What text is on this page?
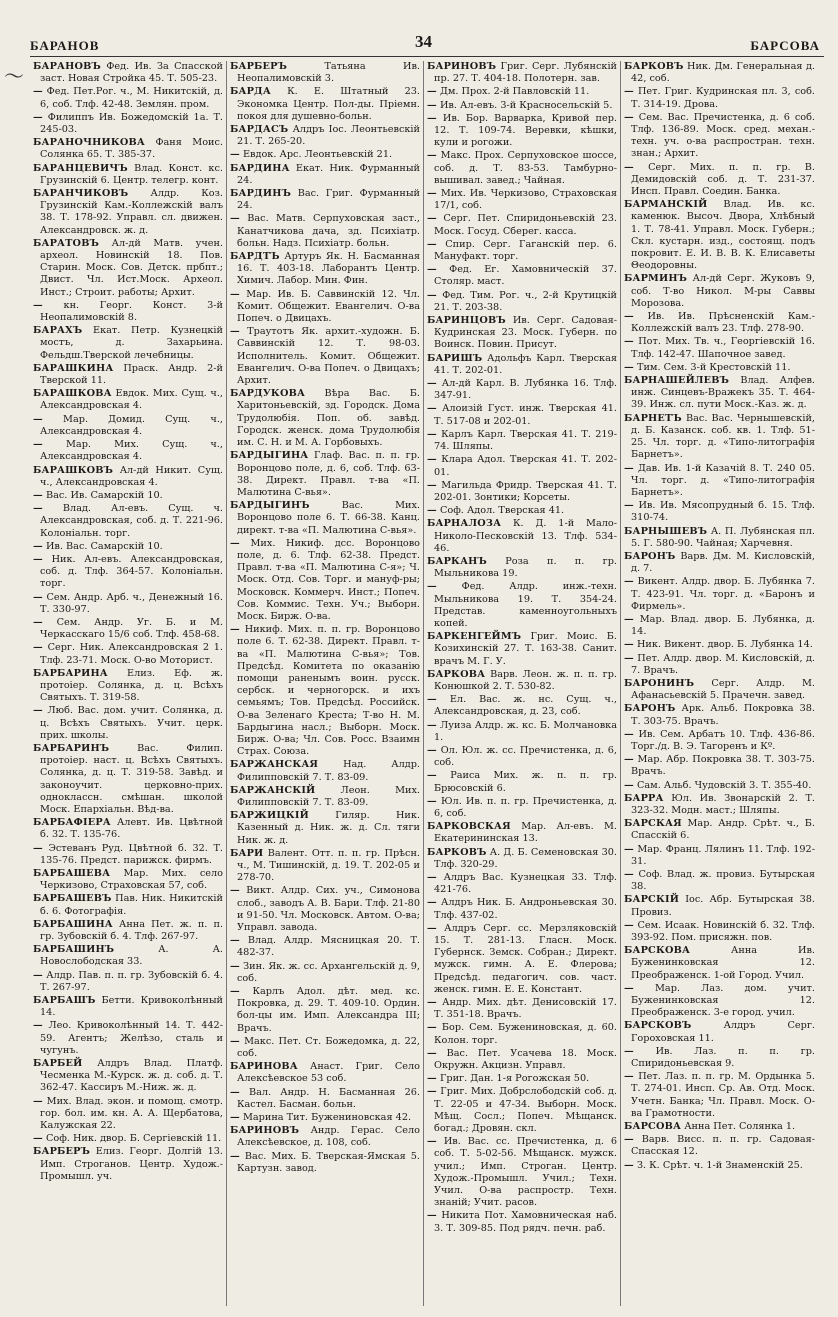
БАРАНОВ	34	БАРСОВА
〜 БАРАНОВЪ Фед. Ив. За Спасской заст. Новая Стройка 45. Т. 505-23.
— Фед. Пет.Рог. ч., М. Никитскій, д. 6, соб. Тлф. 42-48. Землян. пром.
— Филиппъ Ив. Божедомскій 1а. Т. 245-03.
БАРАНОЧНИКОВА Фаня Моис. Солянка 65. Т. 385-37.
БАРАНЦЕВИЧЪ Влад. Конст. кс. Грузинскій 6. Центр. телегр. конт.
БАРАНЧИКОВЪ Алдр. Коз. Грузинскій Кам.-Коллежскій валъ 38. Т. 178-92. Управл. сл. движен. Александровск. ж. д.
БАРАТОВЪ Ал-дй Матв. учен. археол. Новинскій 18. Пов. Старин. Моск. Сов. Детск. прбпт.; Двист. Чл. Ист.Моск. Археол. Инст.; Строит. работы; Архит.
— кн. Георг. Конст. 3-й Неопалимовскій 8.
БАРАХЪ Екат. Петр. Кузнецкій мостъ, д. Захарьина. Фельдш.Тверской лечебницы.
БАРАШКИНА Праск. Андр. 2-й Тверской 11.
БАРАШКОВА Евдок. Мих. Сущ. ч., Александровская 4.
— Мар. Домид. Сущ. ч., Александровская 4.
— Мар. Мих. Сущ. ч., Александровская 4.
БАРАШКОВЪ Ал-дй Никит. Сущ. ч., Александровская 4.
— Вас. Ив. Самарскій 10.
— Влад. Ал-евъ. Сущ. ч. Александровская, соб. д. Т. 221-96. Колоніальн. торг.
— Ив. Вас. Самарскій 10.
— Ник. Ал-евъ. Александровская, соб. д. Тлф. 364-57. Колоніальн. торг.
— Сем. Андр. Арб. ч., Денежный 16. Т. 330-97.
— Сем. Андр. Уг. Б. и М. Черкасскаго 15/6 соб. Тлф. 458-68.
— Серг. Ник. Александровская 2 1. Тлф. 23-71. Моск. О-во Моторист.
БАРБАРИНА Елиз. Еф. ж. протоіер. Солянка, д. ц. Всѣхъ Святыхъ. Т. 319-58.
— Люб. Вас. дом. учит. Солянка, д. ц. Всѣхъ Святыхъ. Учит. церк. прих. школы.
БАРБАРИНЪ	Вас. Филип. протоіер. наст. ц. Всѣхъ Святыхъ. Солянка, д. ц. Т. 319-58. Завѣд. и законоучит. церковно-прих. одноклассн. смѣшан. школой Моск. Епархіальн. Вѣд-ва.
БАРБАФІЕРА Алевт. Ив. Цвѣтной б. 32. Т. 135-76.
— Эстеванъ Руд. Цвѣтной б. 32. Т. 135-76. Предст. парижск. фирмъ.
БАРБАШЕВА Мар. Мих. село Черкизово, Страховская 57, соб.
БАРБАШЕВЪ Пав. Ник. Никитскій б. 6. Фотографія.
БАРБАШИНА Анна Пет. ж. п. п. гр. Зубовскій б. 4. Тлф. 267-97.
БАРБАШИНЪ	А. А. Новослободская 33.
— Алдр. Пав. п. п. гр. Зубовскій б. 4. Т. 267-97.
БАРБАШЪ Бетти. Кривоколѣнный 14.
— Лео. Кривоколѣнный 14. Т. 442-59. Агентъ; Желѣзо, сталь и чугунъ.
БАРБЕЙ Алдръ Влад. Платф. Чесменка М.-Курск. ж. д. соб. д. Т. 362-47. Кассиръ М.-Ниж. ж. д.
— Мих. Влад. экон. и помощ. смотр. гор. бол. им. кн. А. А. Щербатова, Калужская 22.
— Соф. Ник. двор. Б. Сергіевскій 11.
БАРБЕРЪ Елиз. Георг. Долгій 13. Имп. Строганов. Центр. Худож.-Промышл. уч.
БАРБЕРЪ	Татьяна Ив. Неопалимовскій 3.
БАРДА К. Е. Штатный 23. Экономка Центр. Пол-ды. Пріемн. покоя для душевно-больн.
БАРДАСЪ Алдръ Іос. Леонтьевскій 21. Т. 265-20.
— Евдок. Арс. Леонтьевскій 21.
БАРДИНА Екат. Ник. Фурманный 24.
БАРДИНЪ Вас. Григ. Фурманный 24.
— Вас. Матв. Серпуховская заст., Канатчикова дача, зд. Психіатр. больн. Надз. Психіатр. больн.
БАРДТЪ Артуръ Як. Н. Басманная 16. Т. 403-18. Лаборантъ Центр. Химич. Лабор. Мин. Фин.
— Мар. Ив. Б. Саввинскій 12. Чл. Комит. Общежит. Евангелич. О-ва Попеч. о Двицахъ.
— Траутотъ Як. архит.-художн. Б. Саввинскій 12. Т. 98-03. Исполнитель. Комит. Общежит. Евангелич. О-ва Попеч. о Двицахъ; Архит.
БАРДУКОВА Вѣра Вас. Б. Харитоньевскій, зд. Городск. Дома Трудолюбія. Поп. об. завѣд. Городск. женск. дома Трудолюбія им. С. Н. и М. А. Горбовыхъ.
БАРДЫГИНА Глаф. Вас. п. п. гр. Воронцово поле, д. 6, соб. Тлф. 63-38. Директ. Правл. т-ва «П. Малютина С-вья».
БАРДЫГИНЪ	Вас. Мих. Воронцово поле 6. Т. 66-38. Канц. директ. т-ва «П. Малютина С-вья».
— Мих. Никиф. дсс. Воронцово поле, д. 6. Тлф. 62-38. Предст. Правл. т-ва «П. Малютина С-я»; Ч. Моск. Отд. Сов. Торг. и мануф-ры; Московск. Коммерч. Инст.; Попеч. Сов. Коммис. Техн. Уч.; Выборн. Моск. Бирж. О-ва.
— Никиф. Мих. п. п. гр. Воронцово поле 6. Т. 62-38. Директ. Правл. т-ва «П. Малютина С-вья»; Тов. Предсѣд. Комитета по оказанію помощи раненымъ воин. русск. сербск. и черногорск. и ихъ семьямъ; Тов. Предсѣд. Российск. О-ва Зеленаго Креста; Т-во Н. М. Бардыгина насл.; Выборн. Моск. Бирж. О-ва; Чл. Сов. Росс. Взаимн Страх. Союза.
БАРЖАНСКАЯ	Над. Алдр. Филипповскій 7. Т. 83-09.
БАРЖАНСКІЙ	Леон. Мих. Филипповскій 7. Т. 83-09.
БАРЖИЦКІЙ	Гиляр. Ник. Казенный д. Ник. ж. д. Сл. тяги Ник. ж. д.
БАРИ Валент. Отт. п. п. гр. Прѣсн. ч., М. Тишинскій, д. 19. Т. 202-05 и 278-70.
— Викт. Алдр. Сих. уч., Симонова слоб., заводъ А. В. Бари. Тлф. 21-80 и 91-50. Чл. Московск. Автом. О-ва; Управл. завода.
— Влад. Алдр. Мясницкая 20. Т. 482-37.
— Зин. Як. ж. сс. Архангельскій д. 9, соб.
— Карлъ Адол. дѣт. мед. кс. Покровка, д. 29. Т. 409-10. Ордин. бол-цы им. Имп. Александра III; Врачъ.
— Макс. Пет. Ст. Божедомка, д. 22, соб.
БАРИНОВА Анаст. Григ. Село Алексѣевское 53 соб.
— Вал. Андр. Н. Басманная 26. Кастел. Басман. больн.
— Марина Тит. Бужениновская 42.
БАРИНОВЪ Андр. Герас. Село Алексѣевское, д. 108, соб.
— Вас. Мих. Б. Тверская-Ямская 5. Картузн. завод.
БАРИНОВЪ Григ. Серг. Лубянскій пр. 27. Т. 404-18. Полотерн. зав.
— Дм. Прох. 2-й Павловскій 11.
— Ив. Ал-евъ. 3-й Красносельскій 5.
— Ив. Бор. Варварка, Кривой пер. 12. Т. 109-74. Веревки, кѣшки, кули и рогожи.
— Макс. Прох. Серпуховское шоссе, соб. д. Т. 83-53. Тамбурно-вышивал. завед.; Чайная.
— Мих. Ив. Черкизово, Страховская 17/1, соб.
— Серг. Пет. Спиридоньевскій 23. Моск. Госуд. Сберег. касса.
— Спир. Серг. Гаганскій пер. 6. Мануфакт. торг.
— Фед. Ег. Хамовническій 37. Столяр. маст.
— Фед. Тим. Рог. ч., 2-й Крутицкій 21. Т. 203-38.
БАРИНЦОВЪ Ив. Серг. Садовая-Кудринская 23. Моск. Губерн. по Воинск. Повин. Присут.
БАРИШЪ Адольфъ Карл. Тверская 41. Т. 202-01.
— Ал-дй Карл. В. Лубянка 16. Тлф. 347-91.
— Алоизій Густ. инж. Тверская 41. Т. 517-08 и 202-01.
— Карлъ Карл. Тверская 41. Т. 219-74. Шляпы.
— Клара Адол. Тверская 41. Т. 202-01.
— Магильда Фридр. Тверская 41. Т. 202-01. Зонтики; Корсеты.
— Соф. Адол. Тверская 41.
БАРНАЛОЗА К. Д. 1-й Мало-Николо-Песковскій 13. Тлф. 534-46.
БАРКАНЪ Роза п. п. гр. Мыльникова 19.
—	Фед. Алдр. инж.-техн. Мыльникова 19. Т. 354-24. Представ. каменноугольныхъ копей.
БАРКЕНГЕЙМЪ Григ. Моис. Б. Козихинскій 27. Т. 163-38. Санит. врачъ М. Г. У.
БАРКОВА Варв. Леон. ж. п. п. гр. Конюшкой 2. Т. 530-82.
— Ел. Вас. ж. нс. Сущ. ч., Александровская, д. 23, соб.
— Луиза Алдр. ж. кс. Б. Молчановка 1.
— Ол. Юл. ж. сс. Пречистенка, д. 6, соб.
— Раиса Мих. ж. п. п. гр. Брюсовскій 6.
— Юл. Ив. п. п. гр. Пречистенка, д. 6, соб.
БАРКОВСКАЯ Мар. Ал-евъ. М. Екатерининская 13.
БАРКОВЪ А. Д. Б. Семеновская 30. Тлф. 320-29.
— Алдръ Вас. Кузнецкая 33. Тлф. 421-76.
— Алдръ Ник. Б. Андроньевская 30. Тлф. 437-02.
— Алдръ Серг. сс. Мерзляковскій 15. Т. 281-13. Гласн. Моск. Губернск. Земск. Собран.; Директ. мужск. гимн. А. Е. Флерова; Предсѣд. педагогич. сов. част. женск. гимн. Е. Е. Констант.
— Андр. Мих. дѣт. Денисовскій 17. Т. 351-18. Врачъ.
— Бор. Сем. Бужениновская, д. 60. Колон. торг.
— Вас. Пет. Усачева 18. Моск. Окружн. Акцизн. Управл.
— Григ. Дан. 1-я Рогожская 50.
— Григ. Мих. Добрслободскій соб. д. Т. 22-05 и 47-34. Выборн. Моск. Мѣщ. Сосл.; Попеч. Мѣщанск. богад.; Дровян. скл.
— Ив. Вас. сс. Пречистенка, д. 6 соб. Т. 5-02-56. Мѣщанск. мужск. учил.; Имп. Строган. Центр. Худож.-Промышл. Учил.; Техн. Учил. О-ва распростр. Техн. знаній; Учит. расов.
— Никита Пот. Хамовническая наб. 3. Т. 309-85. Под рядч. печн. раб.
БАРКОВЪ Ник. Дм. Генеральная д. 42, соб.
— Пет. Григ. Кудринская пл. 3, соб. Т. 314-19. Дрова.
— Сем. Вас. Пречистенка, д. 6 соб. Тлф. 136-89. Моск. сред. механ.-техн. уч. о-ва распростран. техн. знан.; Архит.
— Серг. Мих. п. п. гр. В. Демидовскій соб. д. Т. 231-37. Инсп. Правл. Соедин. Банка.
БАРМАНСКІЙ Влад. Ив. кс. каменюк. Высоч. Двора, Хлѣбный 1. Т. 78-41. Управл. Моск. Губерн.; Скл. кустарн. изд., состоящ. подъ покровит. Е. И. В. В. К. Елисаветы Θеодоровны.
БАРМИНЪ Ал-дй Серг. Жуковъ 9, соб. Т-во Никол. М-ры Саввы Морозова.
— Ив. Ив. Прѣсненскій Кам.-Коллежскій валъ 23. Тлф. 278-90.
— Пот. Мих. Тв. ч., Георгіевскій 16. Тлф. 142-47. Шапочное завед.
— Тим. Сем. 3-й Крестовскій 11.
БАРНАШЕЙЛЕВЪ Влад. Алфев. инж. Синцевъ-Вражекъ 35. Т. 464-39. Инж. сл. пути Моск.-Каз. ж. д.
БАРНЕТЪ Вас. Вас. Чернышевскій, д. Б. Казанск. соб. кв. 1. Тлф. 51-25. Чл. торг. д. «Типо-литографія Барнетъ».
— Дав. Ив. 1-й Казачій 8. Т. 240 05. Чл. торг. д. «Типо-литографія Барнетъ».
— Ив. Ив. Мясопрудный б. 15. Тлф. 310-74.
БАРНЫШЕВЪ А. П. Лубянская пл. 5. Г. 580-90. Чайная; Харчевня.
БАРОНЪ Варв. Дм. М. Кисловскій, д. 7.
— Викент. Алдр. двор. Б. Лубянка 7. Т. 423-91. Чл. торг. д. «Баронъ и Фирмель».
— Мар. Влад. двор. Б. Лубянка, д. 14.
— Ник. Викент. двор. Б. Лубянка 14.
— Пет. Алдр. двор. М. Кисловскій, д. 7. Врачъ.
БАРОНИНЪ Серг. Алдр. М. Афанасьевскій 5. Прачечн. завед.
БАРОНЪ Арк. Альб. Покровка 38. Т. 303-75. Врачъ.
— Ив. Сем. Арбатъ 10. Тлф. 436-86. Торг./д. В. Э. Тагоренъ и Кº.
— Мар. Абр. Покровка 38. Т. 303-75. Врачъ.
— Сам. Альб. Чудовскій 3. Т. 355-40.
БАРРА Юл. Ив. Звонарскій 2. Т. 323-32. Модн. маст.; Шляпы.
БАРСКАЯ Мар. Андр. Срѣт. ч., Б. Спасскій 6.
— Мар. Франц. Лялинъ 11. Тлф. 192-31.
— Соф. Влад. ж. провиз. Бутырская 38.
БАРСКІЙ Іос. Абр. Бутырская 38. Провиз.
— Сем. Исаак. Новинскій б. 32. Тлф. 393-92. Пом. присяжн. пов.
БАРСКОВА	Анна Ив. Буженинковская 12. Преображенск. 1-ой Город. Учил.
— Мар. Лаз. дом. учит. Буженинковская 12. Преображенск. 3-е город. учил.
БАРСКОВЪ	Алдръ Серг. Гороховская 11.
— Ив. Лаз. п. п. гр. Спиридоньевская 9.
— Пет. Лаз. п. п. гр. М. Ордынка 5. Т. 274-01. Инсп. Ср. Ав. Отд. Моск. Учетн. Банка; Чл. Правл. Моск. О-ва Грамотности.
БАРСОВА Анна Пет. Солянка 1.
— Варв. Висс. п. п. гр. Садовая-Спасская 12.
— З. К. Срѣт. ч. 1-й Знаменскій 25.
